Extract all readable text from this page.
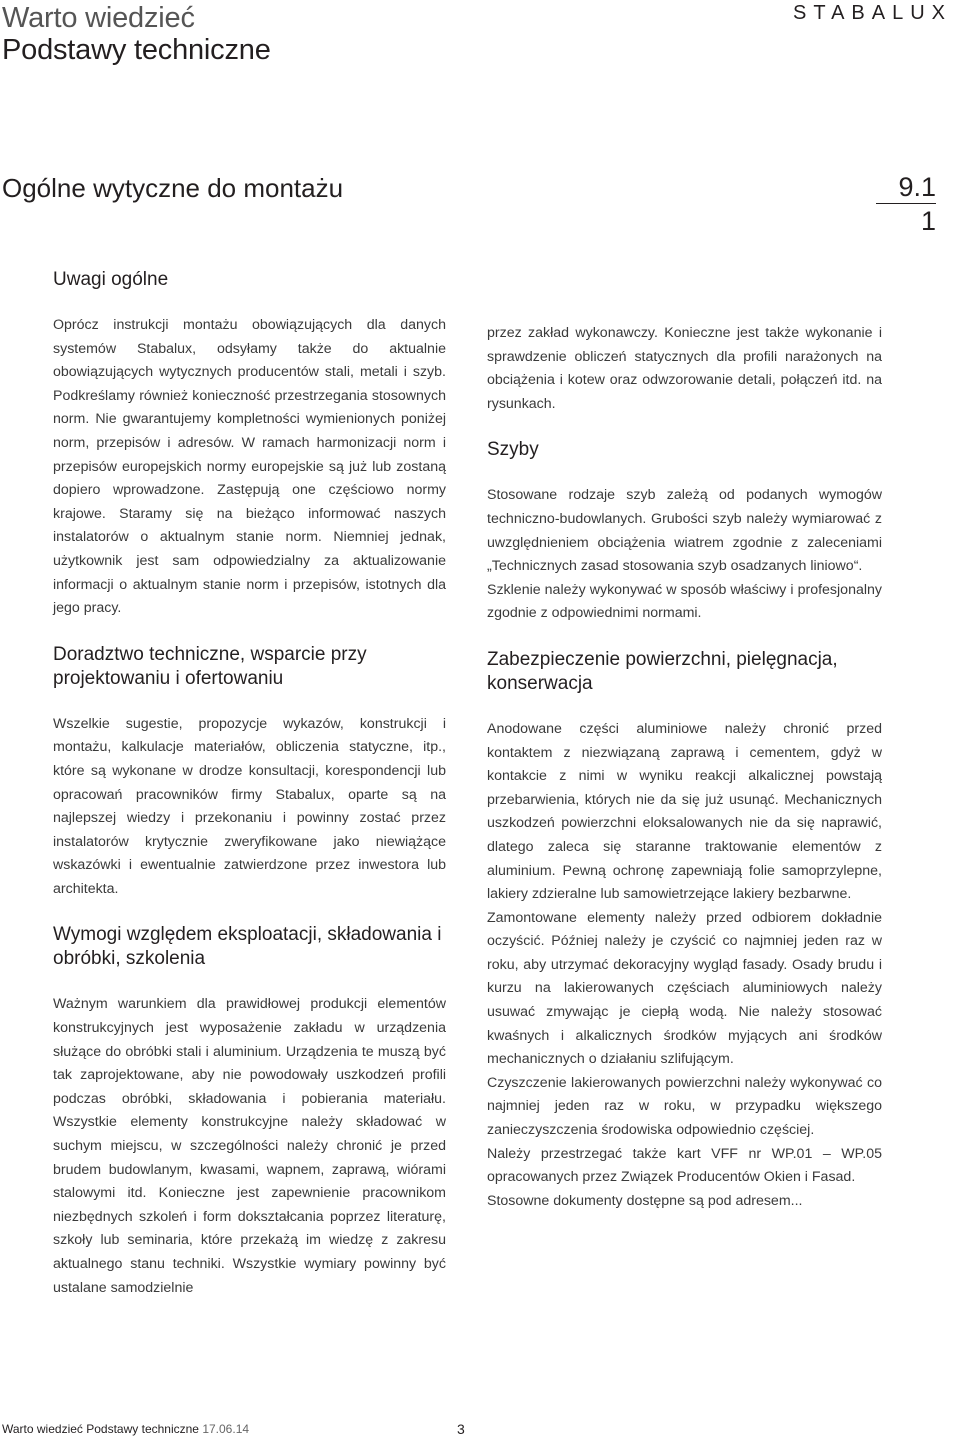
Warto wiedzieć
Podstawy techniczne
STABALUX
Ogólne wytyczne do montażu	9.1
1
Uwagi ogólne

Oprócz instrukcji montażu obowiązujących dla danych systemów Stabalux, odsyłamy także do aktualnie obowiązujących wytycznych producentów stali, metali i szyb. Podkreślamy również konieczność przestrzegania stosownych norm. Nie gwarantujemy kompletności wymienionych poniżej norm, przepisów i adresów. W ramach harmonizacji norm i przepisów europejskich normy europejskie są już lub zostaną dopiero wprowadzone. Zastępują one częściowo normy krajowe. Staramy się na bieżąco informować naszych instalatorów o aktualnym stanie norm. Niemniej jednak, użytkownik jest sam odpowiedzialny za aktualizowanie informacji o aktualnym stanie norm i przepisów, istotnych dla jego pracy.

Doradztwo techniczne, wsparcie przy projektowaniu i ofertowaniu

Wszelkie sugestie, propozycje wykazów, konstrukcji i montażu, kalkulacje materiałów, obliczenia statyczne, itp., które są wykonane w drodze konsultacji, korespondencji lub opracowań pracowników firmy Stabalux, oparte są na najlepszej wiedzy i przekonaniu i powinny zostać przez instalatorów krytycznie zweryfikowane jako niewiążące wskazówki i ewentualnie zatwierdzone przez inwestora lub architekta.

Wymogi względem eksploatacji, składowania i obróbki, szkolenia

Ważnym warunkiem dla prawidłowej produkcji elementów konstrukcyjnych jest wyposażenie zakładu w urządzenia służące do obróbki stali i aluminium. Urządzenia te muszą być tak zaprojektowane, aby nie powodowały uszkodzeń profili podczas obróbki, składowania i pobierania materiału. Wszystkie elementy konstrukcyjne należy składować w suchym miejscu, w szczególności należy chronić je przed brudem budowlanym, kwasami, wapnem, zaprawą, wiórami stalowymi itd. Konieczne jest zapewnienie pracownikom niezbędnych szkoleń i form dokształcania poprzez literaturę, szkoły lub seminaria, które przekażą im wiedzę z zakresu aktualnego stanu techniki. Wszystkie wymiary powinny być ustalane samodzielnie

przez zakład wykonawczy. Konieczne jest także wykonanie i sprawdzenie obliczeń statycznych dla profili narażonych na obciążenia i kotew oraz odwzorowanie detali, połączeń itd. na rysunkach.

Szyby

Stosowane rodzaje szyb zależą od podanych wymogów techniczno-budowlanych. Grubości szyb należy wymiarować z uwzględnieniem obciążenia wiatrem zgodnie z zaleceniami „Technicznych zasad stosowania szyb osadzanych liniowo“.

Szklenie należy wykonywać w sposób właściwy i profesjonalny zgodnie z odpowiednimi normami.

Zabezpieczenie powierzchni, pielęgnacja, konserwacja

Anodowane części aluminiowe należy chronić przed kontaktem z niezwiązaną zaprawą i cementem, gdyż w kontakcie z nimi w wyniku reakcji alkalicznej powstają przebarwienia, których nie da się już usunąć. Mechanicznych uszkodzeń powierzchni eloksalowanych nie da się naprawić, dlatego zaleca się staranne traktowanie elementów z aluminium. Pewną ochronę zapewniają folie samoprzylepne, lakiery zdzieralne lub samowietrzejące lakiery bezbarwne.

Zamontowane elementy należy przed odbiorem dokładnie oczyścić. Później należy je czyścić co najmniej jeden raz w roku, aby utrzymać dekoracyjny wygląd fasady. Osady brudu i kurzu na lakierowanych częściach aluminiowych należy usuwać zmywając je ciepłą wodą. Nie należy stosować kwaśnych i alkalicznych środków myjących ani środków mechanicznych o działaniu szlifującym.

Czyszczenie lakierowanych powierzchni należy wykonywać co najmniej jeden raz w roku, w przypadku większego zanieczyszczenia środowiska odpowiednio częściej.

Należy przestrzegać także kart VFF nr WP.01 – WP.05 opracowanych przez Związek Producentów Okien i Fasad.

Stosowne dokumenty dostępne są pod adresem...

Warto wiedzieć Podstawy techniczne 17.06.14	3
